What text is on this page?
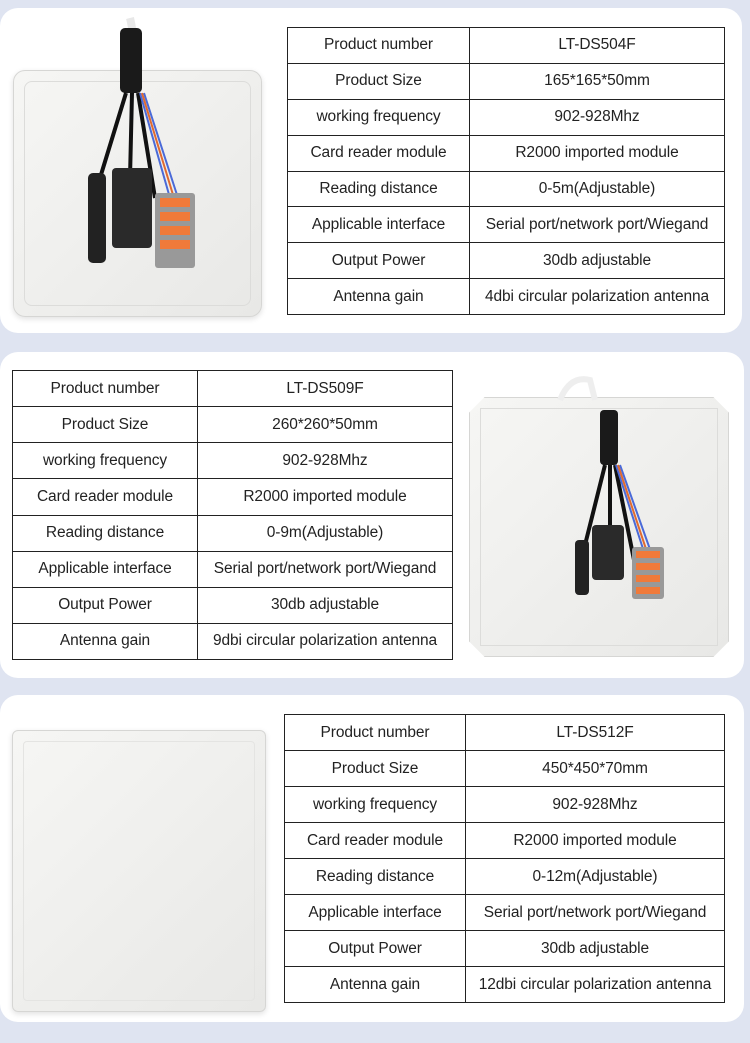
Product number	LT-DS504F
Product Size	165*165*50mm
working frequency	902-928Mhz
Card reader module	R2000 imported module
Reading distance	0-5m(Adjustable)
Applicable interface	Serial port/network port/Wiegand
Output Power	30db adjustable
Antenna gain	4dbi circular polarization antenna
Product number	LT-DS509F
Product Size	260*260*50mm
working frequency	902-928Mhz
Card reader module	R2000 imported module
Reading distance	0-9m(Adjustable)
Applicable interface	Serial port/network port/Wiegand
Output Power	30db adjustable
Antenna gain	9dbi circular polarization antenna
Product number	LT-DS512F
Product Size	450*450*70mm
working frequency	902-928Mhz
Card reader module	R2000 imported module
Reading distance	0-12m(Adjustable)
Applicable interface	Serial port/network port/Wiegand
Output Power	30db adjustable
Antenna gain	12dbi circular polarization antenna
